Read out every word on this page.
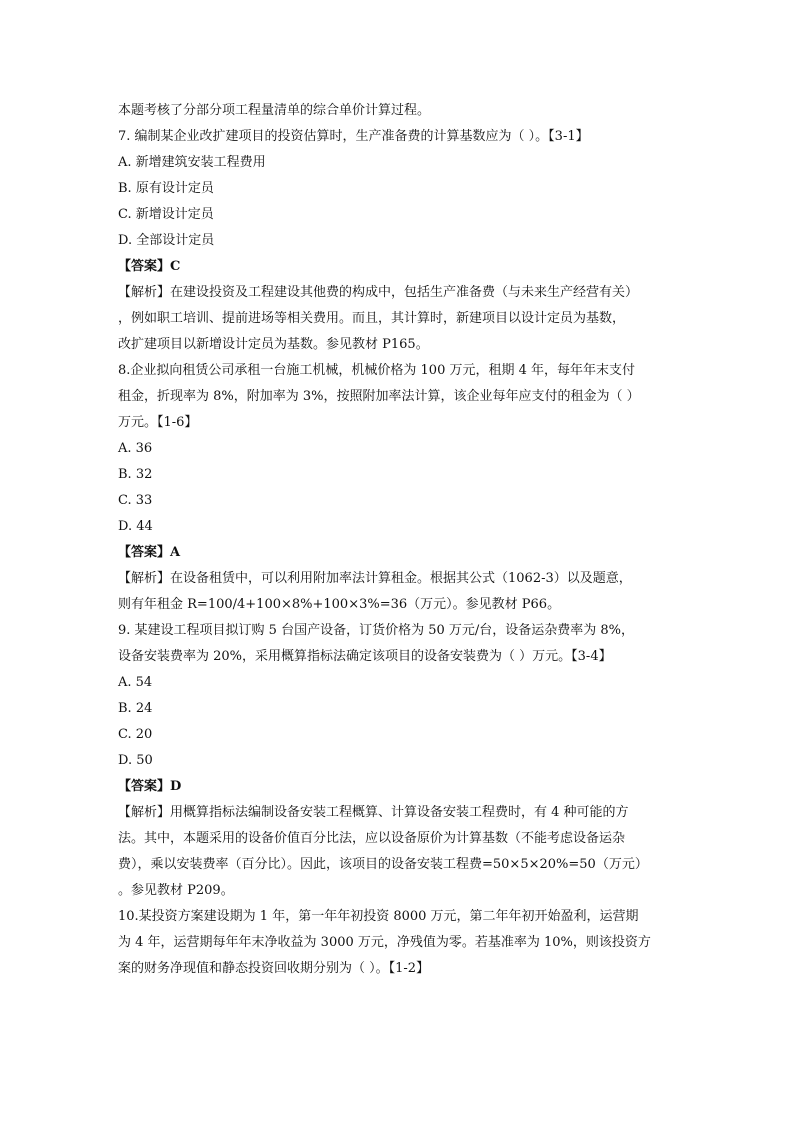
本题考核了分部分项工程量清单的综合单价计算过程。
7. 编制某企业改扩建项目的投资估算时，生产准备费的计算基数应为（ ）。【3-1】
A. 新增建筑安装工程费用
B. 原有设计定员
C. 新增设计定员
D. 全部设计定员
【答案】C
【解析】在建设投资及工程建设其他费的构成中，包括生产准备费（与未来生产经营有关）
，例如职工培训、提前进场等相关费用。而且，其计算时，新建项目以设计定员为基数，
改扩建项目以新增设计定员为基数。参见教材 P165。
8.企业拟向租赁公司承租一台施工机械，机械价格为 100 万元，租期 4 年，每年年末支付
租金，折现率为 8%，附加率为 3%，按照附加率法计算，该企业每年应支付的租金为（ ）
万元。【1-6】
A. 36
B. 32
C. 33
D. 44
【答案】A
【解析】在设备租赁中，可以利用附加率法计算租金。根据其公式（1062-3）以及题意，
则有年租金 R=100/4+100×8%+100×3%=36（万元）。参见教材 P66。
9. 某建设工程项目拟订购 5 台国产设备，订货价格为 50 万元/台，设备运杂费率为 8%，
设备安装费率为 20%，采用概算指标法确定该项目的设备安装费为（ ）万元。【3-4】
A. 54
B. 24
C. 20
D. 50
【答案】D
【解析】用概算指标法编制设备安装工程概算、计算设备安装工程费时，有 4 种可能的方
法。其中，本题采用的设备价值百分比法，应以设备原价为计算基数（不能考虑设备运杂
费），乘以安装费率（百分比）。因此，该项目的设备安装工程费=50×5×20%=50（万元）
。参见教材 P209。
10.某投资方案建设期为 1 年，第一年年初投资 8000 万元，第二年年初开始盈利，运营期
为 4 年，运营期每年年末净收益为 3000 万元，净残值为零。若基准率为 10%，则该投资方
案的财务净现值和静态投资回收期分别为（ ）。【1-2】
